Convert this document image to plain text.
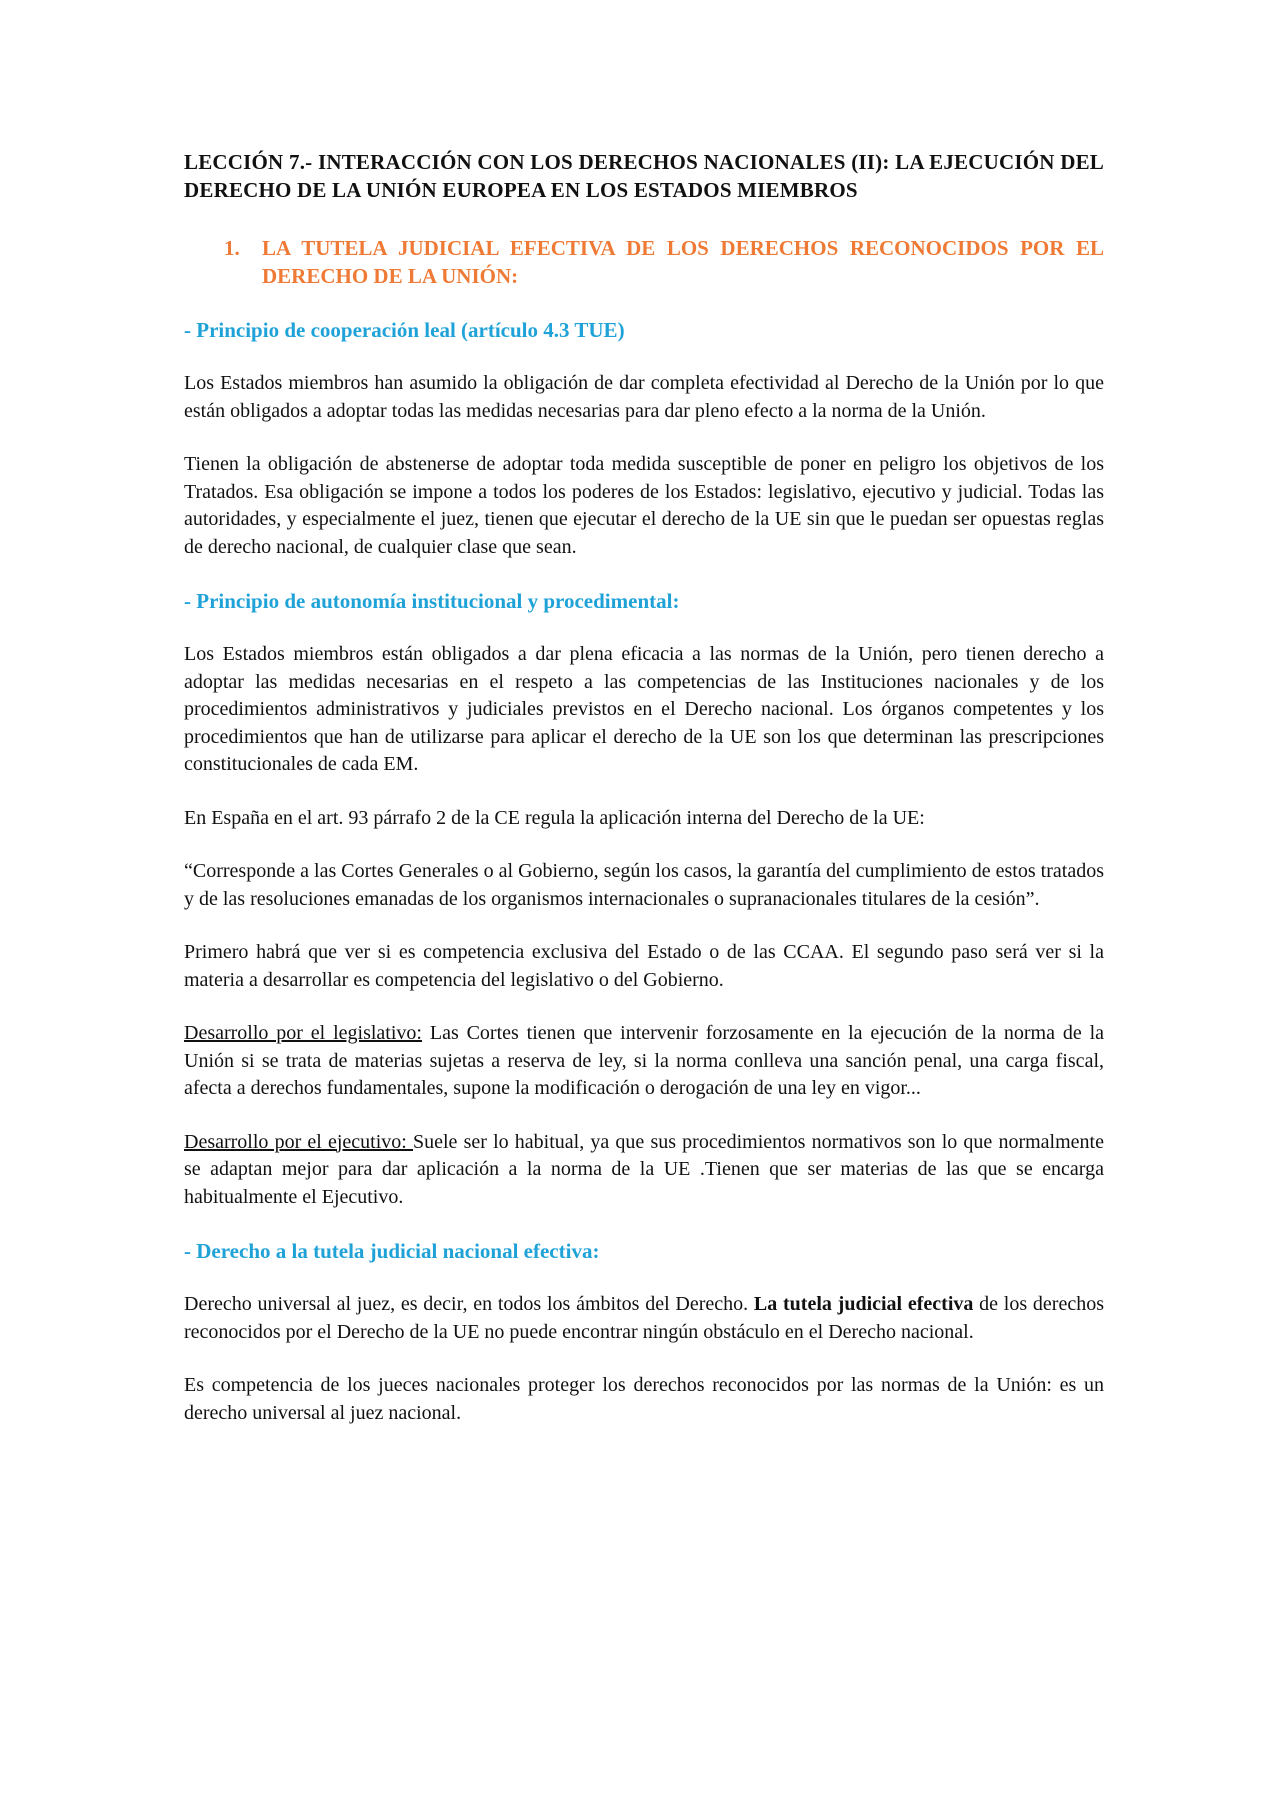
LECCIÓN 7.- INTERACCIÓN CON LOS DERECHOS NACIONALES (II): LA EJECUCIÓN DEL DERECHO DE LA UNIÓN EUROPEA EN LOS ESTADOS MIEMBROS
1. LA TUTELA JUDICIAL EFECTIVA DE LOS DERECHOS RECONOCIDOS POR EL DERECHO DE LA UNIÓN:
- Principio de cooperación leal (artículo 4.3 TUE)

Los Estados miembros han asumido la obligación de dar completa efectividad al Derecho de la Unión por lo que están obligados a adoptar todas las medidas necesarias para dar pleno efecto a la norma de la Unión.

Tienen la obligación de abstenerse de adoptar toda medida susceptible de poner en peligro los objetivos de los Tratados. Esa obligación se impone a todos los poderes de los Estados: legislativo, ejecutivo y judicial. Todas las autoridades, y especialmente el juez, tienen que ejecutar el derecho de la UE sin que le puedan ser opuestas reglas de derecho nacional, de cualquier clase que sean.

- Principio de autonomía institucional y procedimental:

Los Estados miembros están obligados a dar plena eficacia a las normas de la Unión, pero tienen derecho a adoptar las medidas necesarias en el respeto a las competencias de las Instituciones nacionales y de los procedimientos administrativos y judiciales previstos en el Derecho nacional. Los órganos competentes y los procedimientos que han de utilizarse para aplicar el derecho de la UE son los que determinan las prescripciones constitucionales de cada EM.

En España en el art. 93 párrafo 2 de la CE regula la aplicación interna del Derecho de la UE:

“Corresponde a las Cortes Generales o al Gobierno, según los casos, la garantía del cumplimiento de estos tratados y de las resoluciones emanadas de los organismos internacionales o supranacionales titulares de la cesión”.

Primero habrá que ver si es competencia exclusiva del Estado o de las CCAA. El segundo paso será ver si la materia a desarrollar es competencia del legislativo o del Gobierno.

Desarrollo por el legislativo: Las Cortes tienen que intervenir forzosamente en la ejecución de la norma de la Unión si se trata de materias sujetas a reserva de ley, si la norma conlleva una sanción penal, una carga fiscal, afecta a derechos fundamentales, supone la modificación o derogación de una ley en vigor...

Desarrollo por el ejecutivo: Suele ser lo habitual, ya que sus procedimientos normativos son lo que normalmente se adaptan mejor para dar aplicación a la norma de la UE .Tienen que ser materias de las que se encarga habitualmente el Ejecutivo.

- Derecho a la tutela judicial nacional efectiva:

Derecho universal al juez, es decir, en todos los ámbitos del Derecho. La tutela judicial efectiva de los derechos reconocidos por el Derecho de la UE no puede encontrar ningún obstáculo en el Derecho nacional.

Es competencia de los jueces nacionales proteger los derechos reconocidos por las normas de la Unión: es un derecho universal al juez nacional.
